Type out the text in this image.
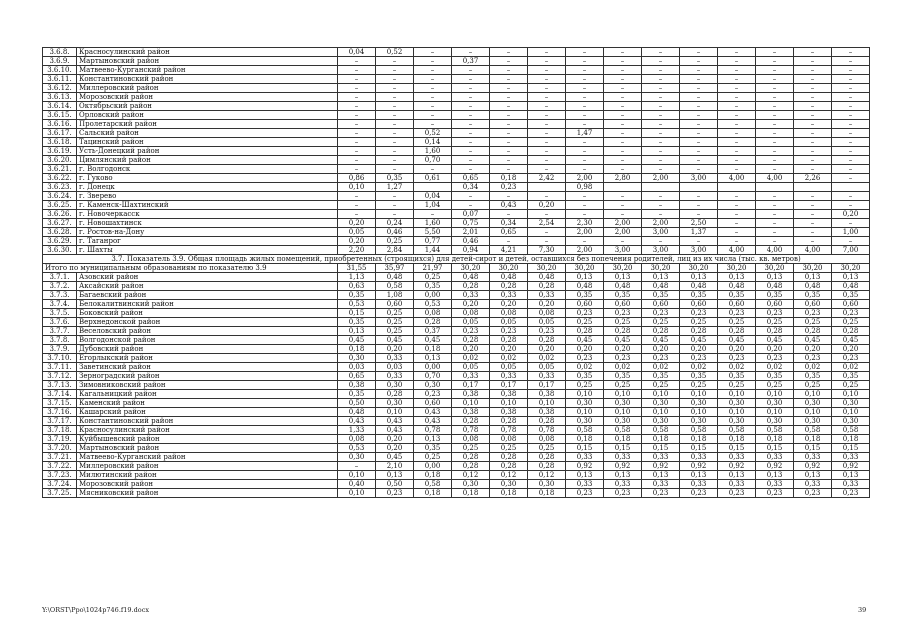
3.6.8.	Красносулинский район	0,04	0,52	–	–	–	–	–	–	–	–	–	–	–	–
3.6.9.	Мартыновский район	–	–	–	0,37	–	–	–	–	–	–	–	–	–	–
3.6.10.	Матвеево-Курганский район	–	–	–	–	–	–	–	–	–	–	–	–	–	–
3.6.11.	Константиновский район	–	–	–	–	–	–	–	–	–	–	–	–	–	–
3.6.12.	Миллеровский район	–	–	–	–	–	–	–	–	–	–	–	–	–	–
3.6.13.	Морозовский район	–	–	–	–	–	–	–	–	–	–	–	–	–	–
3.6.14.	Октябрьский район	–	–	–	–	–	–	–	–	–	–	–	–	–	–
3.6.15.	Орловский район	–	–	–	–	–	–	–	–	–	–	–	–	–	–
3.6.16.	Пролетарский район	–	–	–	–	–	–	–	–	–	–	–	–	–	–
3.6.17.	Сальский район	–	–	0,52	–	–	–	1,47	–	–	–	–	–	–	–
3.6.18.	Тацинский район	–	–	0,14	–	–	–	–	–	–	–	–	–	–	–
3.6.19.	Усть-Донецкий район	–	–	1,60	–	–	–	–	–	–	–	–	–	–	–
3.6.20.	Цимлянский район	–	–	0,70	–	–	–	–	–	–	–	–	–	–	–
3.6.21.	г. Волгодонск	–	–	–	–	–	–	–	–	–	–	–	–	–	–
3.6.22.	г. Гуково	0,86	0,35	0,61	0,65	0,18	2,42	2,00	2,80	2,00	3,00	4,00	4,00	2,26	–
3.6.23.	г. Донецк	0,10	1,27		0,34	0,23		0,98							
3.6.24.	г. Зверево	–	–	0,04	–	–	–	–	–	–	–	–	–	–	–
3.6.25.	г. Каменск-Шахтинский	–	–	1,04	–	0,43	0,20	–	–	–	–	–	–	–	–
3.6.26.	г. Новочеркасск	–	–	–	0,07	–	–	–	–	–	–	–	–	–	0,20
3.6.27.	г. Новошахтинск	0,20	0,24	1,60	0,75	0,34	2,54	2,30	2,00	2,00	2,50	–	–	–	–
3.6.28.	г. Ростов-на-Дону	0,05	0,46	5,50	2,01	0,65	–	2,00	2,00	3,00	1,37	–	–	–	1,00
3.6.29.	г. Таганрог	0,20	0,25	0,77	0,46	–	–	–	–	–	–	–	–	–	–
3.6.30.	г. Шахты	2,20	2,84	1,44	0,94	4,21	7,30	2,00	3,00	3,00	3,00	4,00	4,00	4,00	7,00
3.7. Показатель 3.9. Общая площадь жилых помещений, приобретенных (строящихся) для детей-сирот и детей, оставшихся без попечения родителей, лиц из их числа (тыс. кв. метров)															
Итого по муниципальным образованиям по показателю 3.9		31,55	35,97	21,97	30,20	30,20	30,20	30,20	30,20	30,20	30,20	30,20	30,20	30,20	30,20
3.7.1.	Азовский район	1,13	0,48	0,25	0,48	0,48	0,48	0,13	0,13	0,13	0,13	0,13	0,13	0,13	0,13
3.7.2.	Аксайский район	0,63	0,58	0,35	0,28	0,28	0,28	0,48	0,48	0,48	0,48	0,48	0,48	0,48	0,48
3.7.3.	Багаевский район	0,35	1,08	0,00	0,33	0,33	0,33	0,35	0,35	0,35	0,35	0,35	0,35	0,35	0,35
3.7.4.	Белокалитвинский район	0,53	0,60	0,53	0,20	0,20	0,20	0,60	0,60	0,60	0,60	0,60	0,60	0,60	0,60
3.7.5.	Боковский район	0,15	0,25	0,08	0,08	0,08	0,08	0,23	0,23	0,23	0,23	0,23	0,23	0,23	0,23
3.7.6.	Верхнедонской район	0,35	0,25	0,28	0,05	0,05	0,05	0,25	0,25	0,25	0,25	0,25	0,25	0,25	0,25
3.7.7.	Веселовский район	0,13	0,25	0,37	0,23	0,23	0,23	0,28	0,28	0,28	0,28	0,28	0,28	0,28	0,28
3.7.8.	Волгодонской район	0,45	0,45	0,45	0,28	0,28	0,28	0,45	0,45	0,45	0,45	0,45	0,45	0,45	0,45
3.7.9.	Дубовский район	0,18	0,20	0,18	0,20	0,20	0,20	0,20	0,20	0,20	0,20	0,20	0,20	0,20	0,20
3.7.10.	Егорлыкский район	0,30	0,33	0,13	0,02	0,02	0,02	0,23	0,23	0,23	0,23	0,23	0,23	0,23	0,23
3.7.11.	Заветинский район	0,03	0,03	0,00	0,05	0,05	0,05	0,02	0,02	0,02	0,02	0,02	0,02	0,02	0,02
3.7.12.	Зерноградский район	0,65	0,33	0,70	0,33	0,33	0,33	0,35	0,35	0,35	0,35	0,35	0,35	0,35	0,35
3.7.13.	Зимовниковский район	0,38	0,30	0,30	0,17	0,17	0,17	0,25	0,25	0,25	0,25	0,25	0,25	0,25	0,25
3.7.14.	Кагальницкий район	0,35	0,28	0,23	0,38	0,38	0,38	0,10	0,10	0,10	0,10	0,10	0,10	0,10	0,10
3.7.15.	Каменский район	0,50	0,30	0,60	0,10	0,10	0,10	0,30	0,30	0,30	0,30	0,30	0,30	0,30	0,30
3.7.16.	Кашарский район	0,48	0,10	0,43	0,38	0,38	0,38	0,10	0,10	0,10	0,10	0,10	0,10	0,10	0,10
3.7.17.	Константиновский район	0,43	0,43	0,43	0,28	0,28	0,28	0,30	0,30	0,30	0,30	0,30	0,30	0,30	0,30
3.7.18.	Красносулинский район	1,33	0,43	0,78	0,78	0,78	0,78	0,58	0,58	0,58	0,58	0,58	0,58	0,58	0,58
3.7.19.	Куйбышевский район	0,08	0,20	0,13	0,08	0,08	0,08	0,18	0,18	0,18	0,18	0,18	0,18	0,18	0,18
3.7.20.	Мартыновский район	0,53	0,20	0,35	0,25	0,25	0,25	0,15	0,15	0,15	0,15	0,15	0,15	0,15	0,15
3.7.21.	Матвеево-Курганский район	0,30	0,45	0,25	0,28	0,28	0,28	0,33	0,33	0,33	0,33	0,33	0,33	0,33	0,33
3.7.22.	Миллеровский район	–	2,10	0,00	0,28	0,28	0,28	0,92	0,92	0,92	0,92	0,92	0,92	0,92	0,92
3.7.23.	Милютинский район	0,10	0,13	0,18	0,12	0,12	0,12	0,13	0,13	0,13	0,13	0,13	0,13	0,13	0,13
3.7.24.	Морозовский район	0,40	0,50	0,58	0,30	0,30	0,30	0,33	0,33	0,33	0,33	0,33	0,33	0,33	0,33
3.7.25.	Мясниковский район	0,10	0,23	0,18	0,18	0,18	0,18	0,23	0,23	0,23	0,23	0,23	0,23	0,23	0,23
Y:\ORST\Ppo\1024p746.f19.docx	39
